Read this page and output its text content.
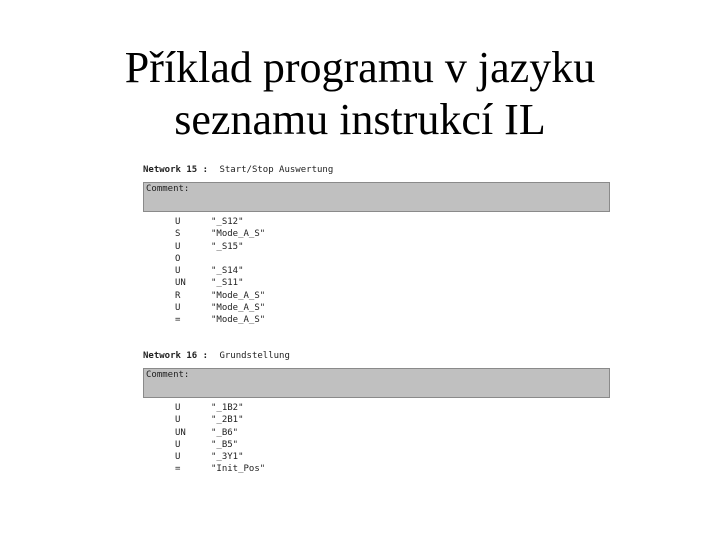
Příklad programu v jazyku
seznamu instrukcí IL
Network 15 : Start/Stop Auswertung
Comment:
U	"_S12"
S	"Mode_A_S"
U	"_S15"
O
U	"_S14"
UN	"_S11"
R	"Mode_A_S"
U	"Mode_A_S"
=	"Mode_A_S"
Network 16 : Grundstellung
Comment:
U	"_1B2"
U	"_2B1"
UN	"_B6"
U	"_B5"
U	"_3Y1"
=	"Init_Pos"
